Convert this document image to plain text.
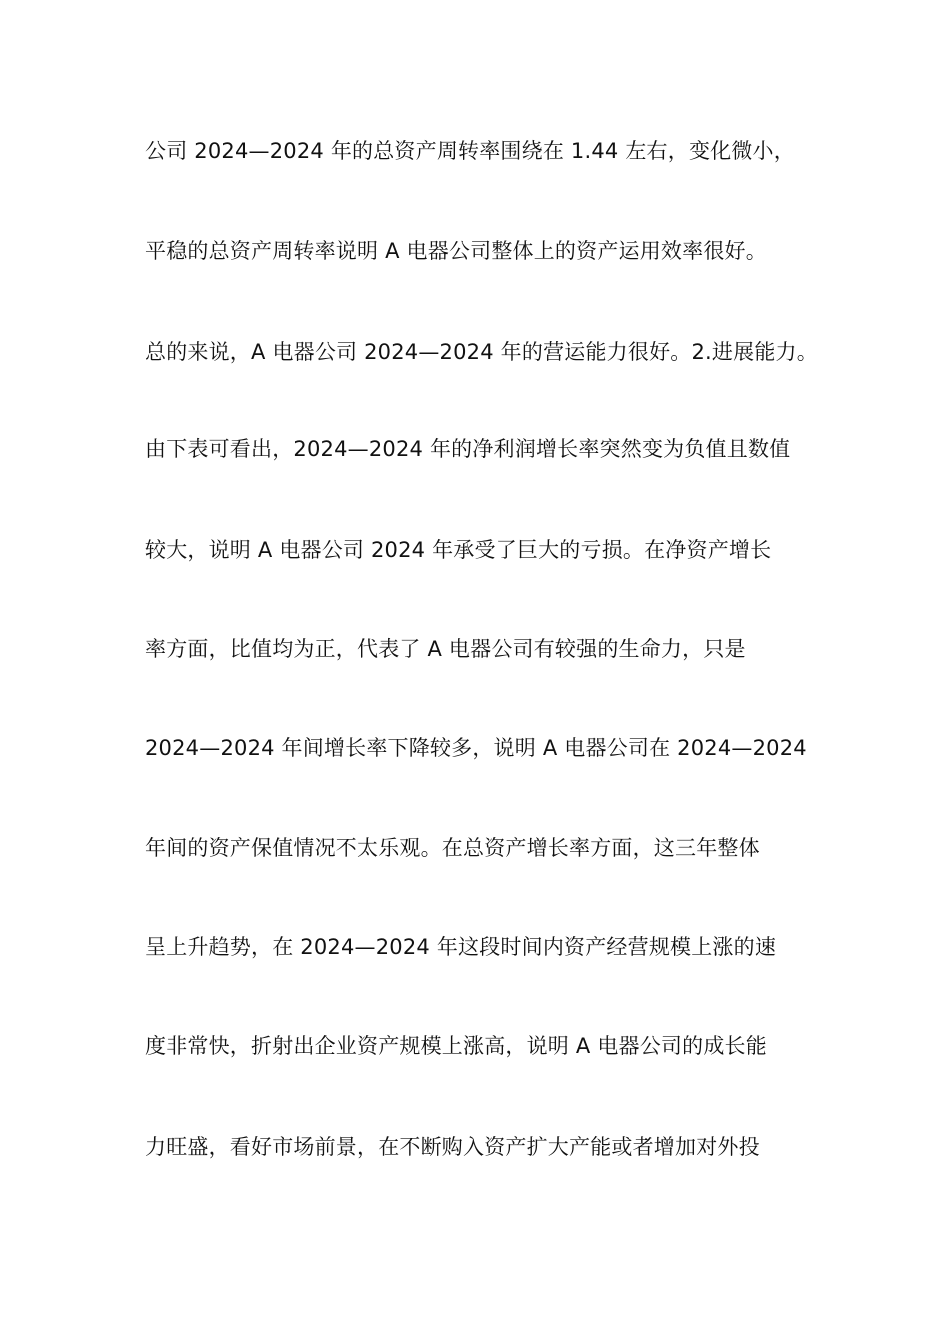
公司 2024—2024 年的总资产周转率围绕在 1.44 左右，变化微小，
平稳的总资产周转率说明 A 电器公司整体上的资产运用效率很好。
总的来说，A 电器公司 2024—2024 年的营运能力很好。2.进展能力。
由下表可看出，2024—2024 年的净利润增长率突然变为负值且数值
较大，说明 A 电器公司 2024 年承受了巨大的亏损。在净资产增长
率方面，比值均为正，代表了 A 电器公司有较强的生命力，只是
2024—2024 年间增长率下降较多，说明 A 电器公司在 2024—2024
年间的资产保值情况不太乐观。在总资产增长率方面，这三年整体
呈上升趋势，在 2024—2024 年这段时间内资产经营规模上涨的速
度非常快，折射出企业资产规模上涨高，说明 A 电器公司的成长能
力旺盛，看好市场前景，在不断购入资产扩大产能或者增加对外投
